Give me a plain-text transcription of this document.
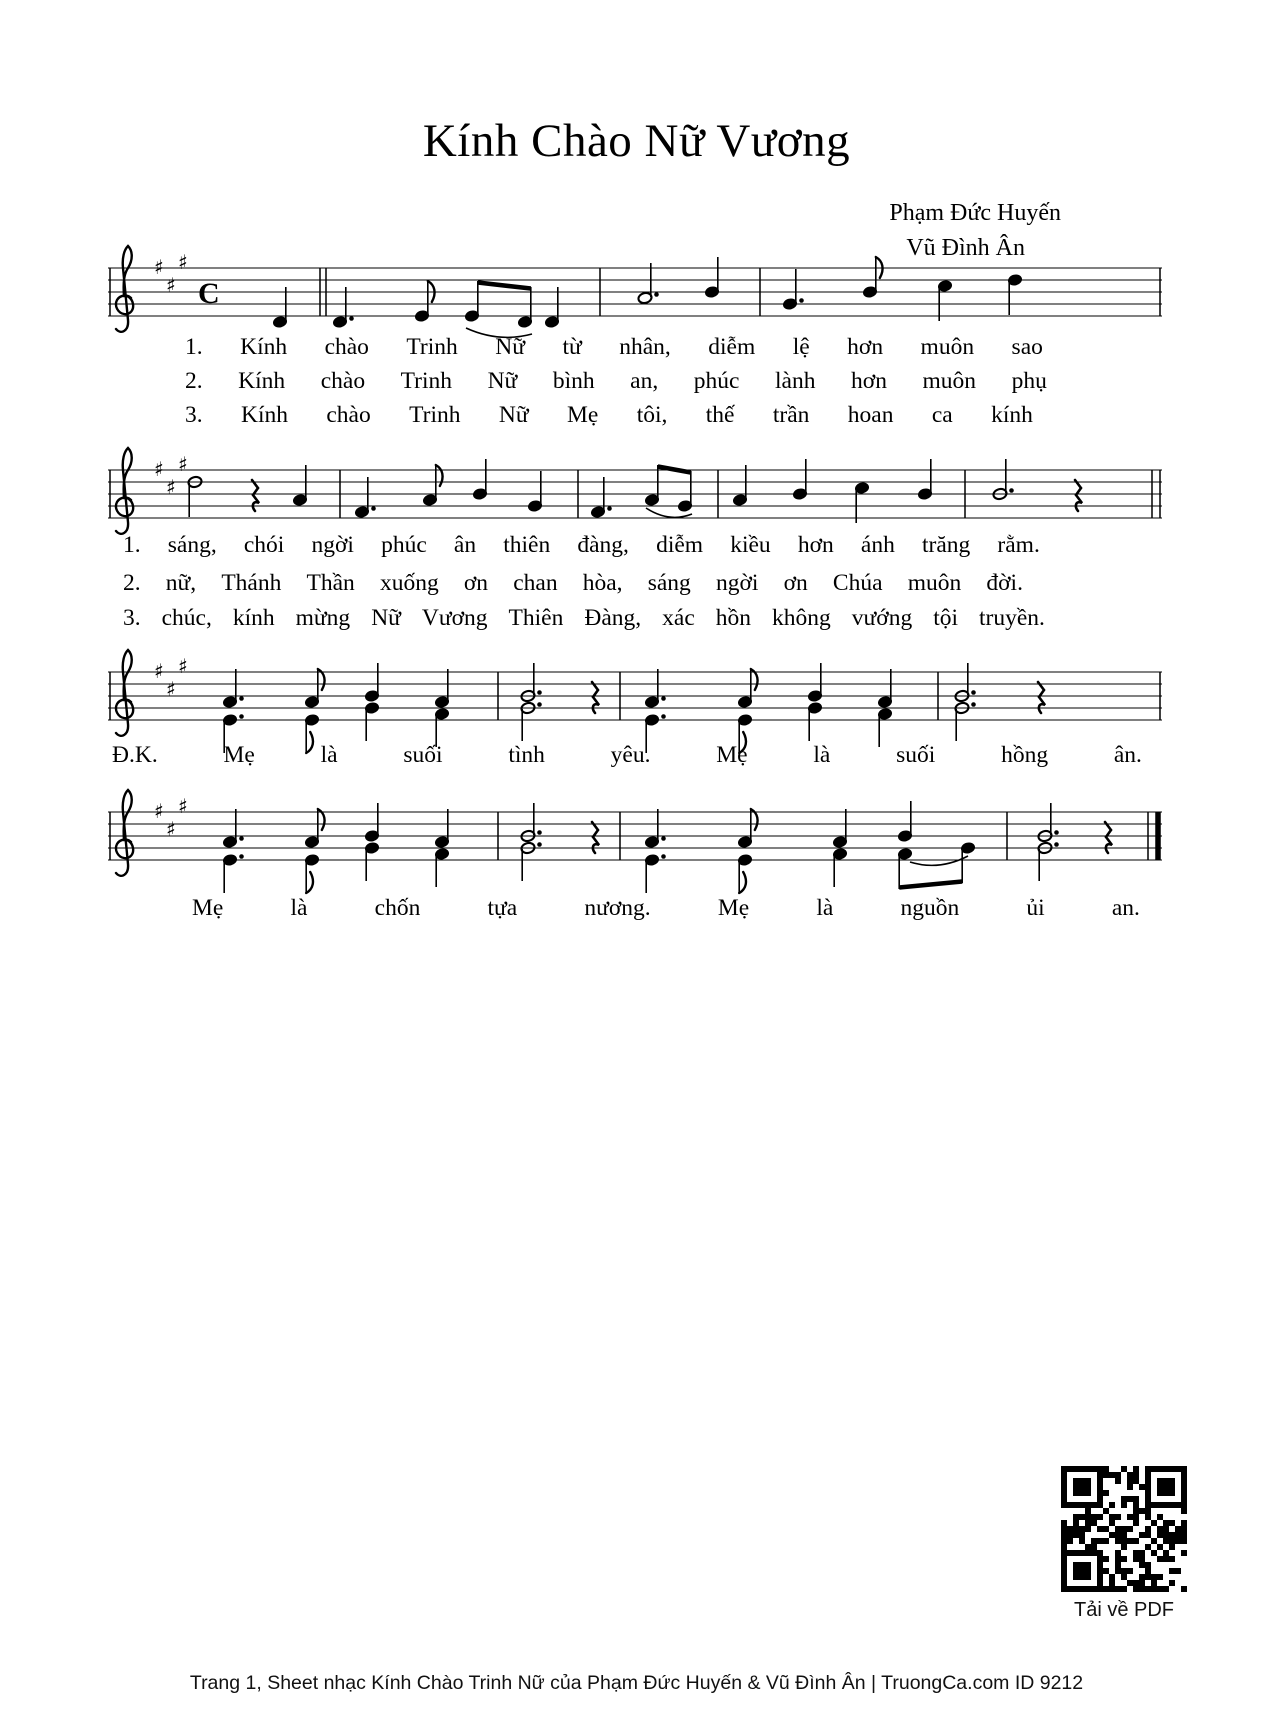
Kính Chào Nữ Vương
Phạm Đức Huyến
Vũ Đình Ân
Tải về PDF
Trang 1, Sheet nhạc Kính Chào Trinh Nữ của Phạm Đức Huyến & Vũ Đình Ân | TruongCa.com ID 9212
♯
♯
♯
C
1. Kính chào Trinh Nữ từ nhân, diễm lệ hơn muôn sao
2. Kính chào Trinh Nữ bình an, phúc lành hơn muôn phụ
3. Kính chào Trinh Nữ Mẹ tôi, thế trần hoan ca kính
♯
♯
♯
1. sáng, chói ngời phúc ân thiên đàng, diễm kiều hơn ánh trăng rằm.
2. nữ, Thánh Thần xuống ơn chan hòa, sáng ngời ơn Chúa muôn đời.
3. chúc, kính mừng Nữ Vương Thiên Đàng, xác hồn không vướng tội truyền.
♯
♯
♯
Đ.K.	Mẹ	là	suối	tình	yêu.	Mẹ	là	suối	hồng	ân.
♯
♯
♯
Mẹ	là	chốn	tựa	nương.	Mẹ	là	nguồn	ủi	an.
